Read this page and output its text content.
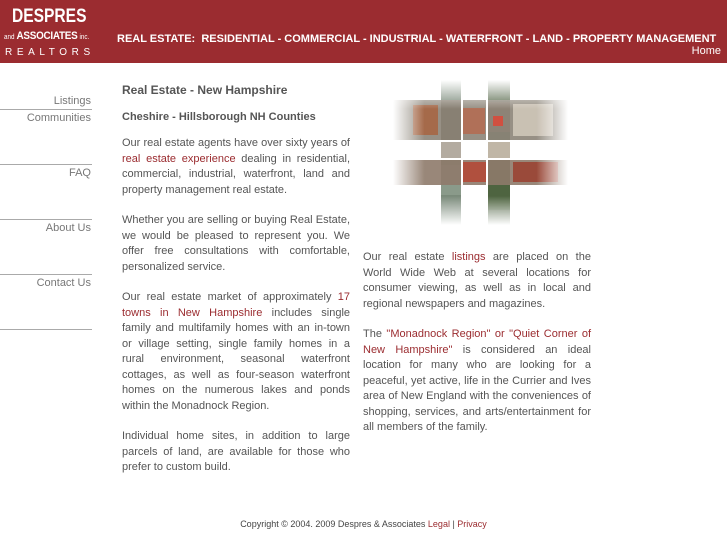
DESPRES
and ASSOCIATES inc.
REALTORS
REAL ESTATE: RESIDENTIAL - COMMERCIAL - INDUSTRIAL - WATERFRONT - LAND - PROPERTY MANAGEMENT
Home
Listings
Communities
FAQ
About Us
Contact Us
Real Estate - New Hampshire
Cheshire - Hillsborough NH Counties

Our real estate agents have over sixty years of real estate experience dealing in residential, commercial, industrial, waterfront, land and property management real estate.

Whether you are selling or buying Real Estate, we would be pleased to represent you. We offer free consultations with comfortable, personalized service.

Our real estate market of approximately 17 towns in New Hampshire includes single family and multifamily homes with an in-town or village setting, single family homes in a rural environment, seasonal waterfront cottages, as well as four-season waterfront homes on the numerous lakes and ponds within the Monadnock Region.

Individual home sites, in addition to large parcels of land, are available for those who prefer to custom build.

Our real estate listings are placed on the World Wide Web at several locations for consumer viewing, as well as in local and regional newspapers and magazines.

The "Monadnock Region" or "Quiet Corner of New Hampshire" is considered an ideal location for many who are looking for a peaceful, yet active, life in the Currier and Ives area of New England with the conveniences of shopping, services, and arts/entertainment for all members of the family.

Copyright © 2004. 2009 Despres & Associates Legal | Privacy
